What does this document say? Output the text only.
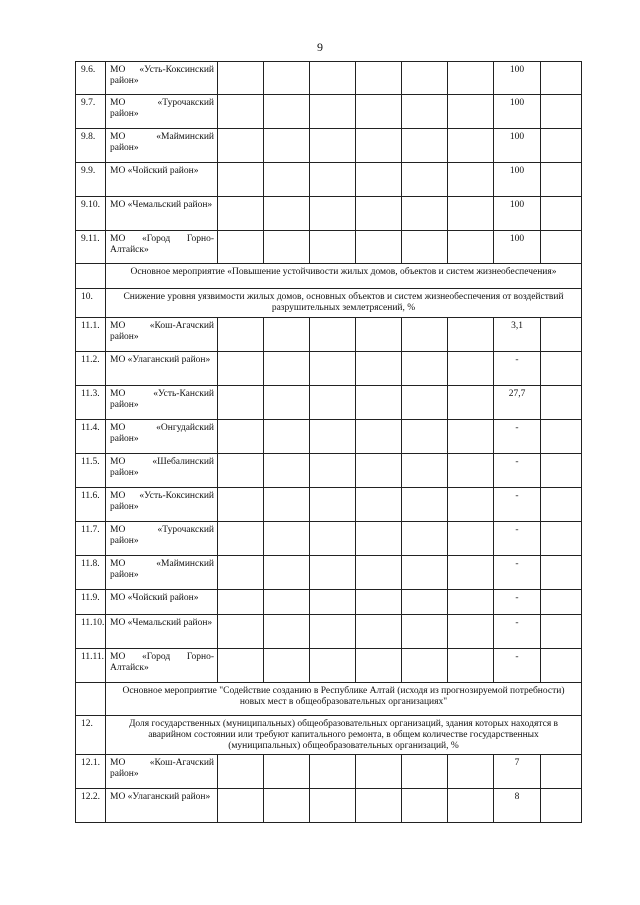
9
9.6.	МО «Усть-Коксинский район»							100	
9.7.	МО «Турочакский район»							100	
9.8.	МО «Майминский район»							100	
9.9.	МО «Чойский район»							100	
9.10.	МО «Чемальский район»							100	
9.11.	МО «Город Горно-Алтайск»							100	
	Основное мероприятие «Повышение устойчивости жилых домов, объектов и систем жизнеобеспечения»								
10.	Снижение уровня уязвимости жилых домов, основных объектов и систем жизнеобеспечения от воздействий разрушительных землетрясений, %								
11.1.	МО «Кош-Агачский район»							3,1	
11.2.	МО «Улаганский район»							-	
11.3.	МО «Усть-Канский район»							27,7	
11.4.	МО «Онгудайский район»							-	
11.5.	МО «Шебалинский район»							-	
11.6.	МО «Усть-Коксинский район»							-	
11.7.	МО «Турочакский район»							-	
11.8.	МО «Майминский район»							-	
11.9.	МО «Чойский район»							-	
11.10.	МО «Чемальский район»							-	
11.11.	МО «Город Горно-Алтайск»							-	
	Основное мероприятие "Содействие созданию в Республике Алтай (исходя из прогнозируемой потребности) новых мест в общеобразовательных организациях"								
12.	Доля государственных (муниципальных) общеобразовательных организаций, здания которых находятся в аварийном состоянии или требуют капитального ремонта, в общем количестве государственных (муниципальных) общеобразовательных организаций, %								
12.1.	МО «Кош-Агачский район»							7	
12.2.	МО «Улаганский район»							8	
